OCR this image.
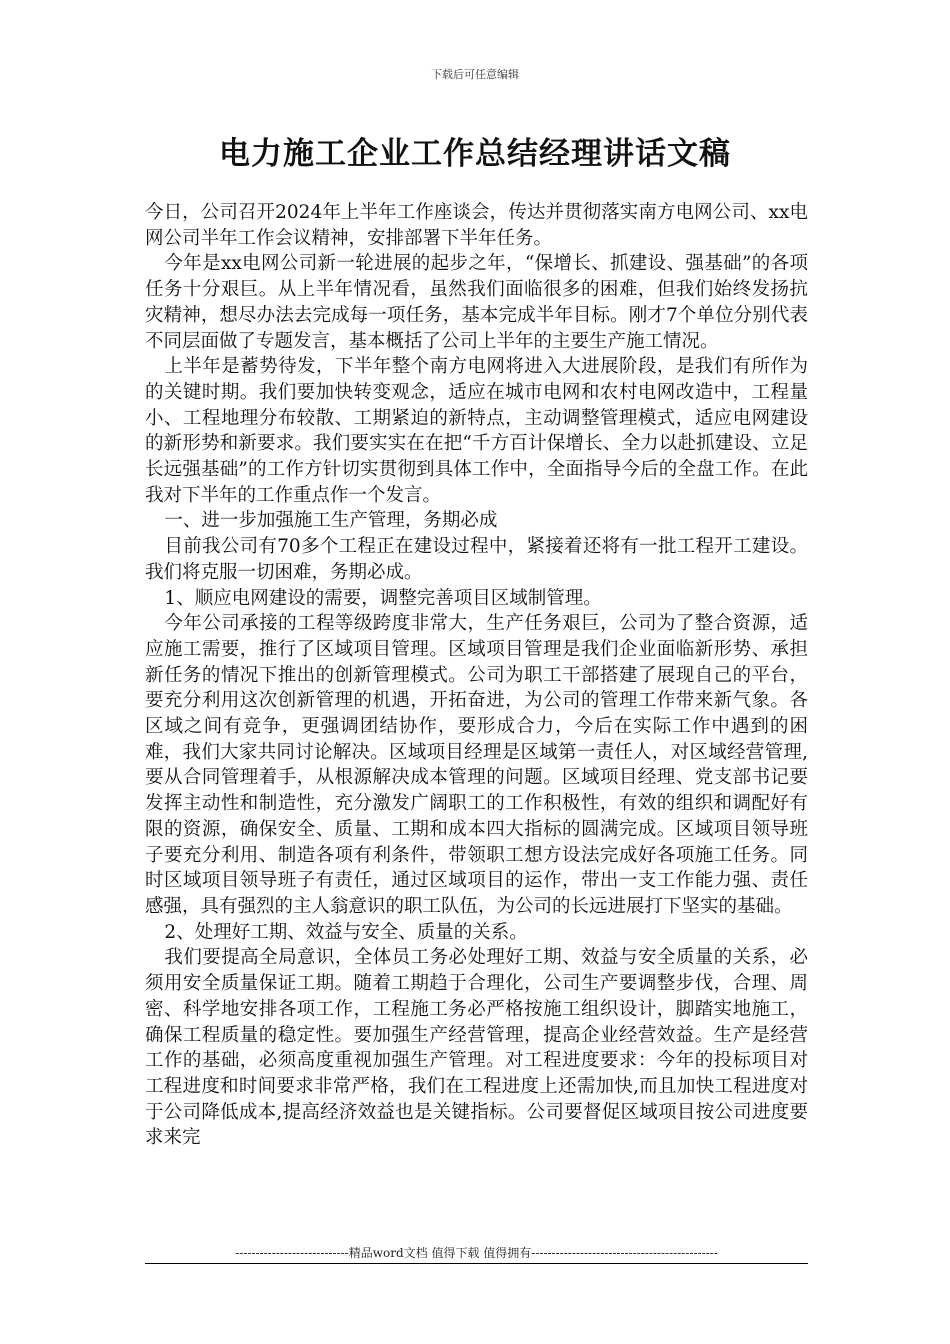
下载后可任意编辑
电力施工企业工作总结经理讲话文稿

今日，公司召开2024年上半年工作座谈会，传达并贯彻落实南方电网公司、xx电网公司半年工作会议精神，安排部署下半年任务。

今年是xx电网公司新一轮进展的起步之年，“保增长、抓建设、强基础”的各项任务十分艰巨。从上半年情况看，虽然我们面临很多的困难，但我们始终发扬抗灾精神，想尽办法去完成每一项任务，基本完成半年目标。刚才7个单位分别代表不同层面做了专题发言，基本概括了公司上半年的主要生产施工情况。

上半年是蓄势待发，下半年整个南方电网将进入大进展阶段，是我们有所作为的关键时期。我们要加快转变观念，适应在城市电网和农村电网改造中，工程量小、工程地理分布较散、工期紧迫的新特点，主动调整管理模式，适应电网建设的新形势和新要求。我们要实实在在把“千方百计保增长、全力以赴抓建设、立足长远强基础”的工作方针切实贯彻到具体工作中，全面指导今后的全盘工作。在此我对下半年的工作重点作一个发言。

一、进一步加强施工生产管理，务期必成

目前我公司有70多个工程正在建设过程中，紧接着还将有一批工程开工建设。我们将克服一切困难，务期必成。

1、顺应电网建设的需要，调整完善项目区域制管理。

今年公司承接的工程等级跨度非常大，生产任务艰巨，公司为了整合资源，适应施工需要，推行了区域项目管理。区域项目管理是我们企业面临新形势、承担新任务的情况下推出的创新管理模式。公司为职工干部搭建了展现自己的平台，要充分利用这次创新管理的机遇，开拓奋进，为公司的管理工作带来新气象。各区域之间有竞争，更强调团结协作，要形成合力，今后在实际工作中遇到的困难，我们大家共同讨论解决。区域项目经理是区域第一责任人，对区域经营管理,要从合同管理着手，从根源解决成本管理的问题。区域项目经理、党支部书记要发挥主动性和制造性，充分激发广阔职工的工作积极性，有效的组织和调配好有限的资源，确保安全、质量、工期和成本四大指标的圆满完成。区域项目领导班子要充分利用、制造各项有利条件，带领职工想方设法完成好各项施工任务。同时区域项目领导班子有责任，通过区域项目的运作，带出一支工作能力强、责任感强，具有强烈的主人翁意识的职工队伍，为公司的长远进展打下坚实的基础。

2、处理好工期、效益与安全、质量的关系。

我们要提高全局意识，全体员工务必处理好工期、效益与安全质量的关系，必须用安全质量保证工期。随着工期趋于合理化，公司生产要调整步伐，合理、周密、科学地安排各项工作，工程施工务必严格按施工组织设计，脚踏实地施工，确保工程质量的稳定性。要加强生产经营管理，提高企业经营效益。生产是经营工作的基础，必须高度重视加强生产管理。对工程进度要求：今年的投标项目对工程进度和时间要求非常严格，我们在工程进度上还需加快,而且加快工程进度对于公司降低成本,提高经济效益也是关键指标。公司要督促区域项目按公司进度要求来完

----------------------------精品word文档 值得下载 值得拥有----------------------------------------------
